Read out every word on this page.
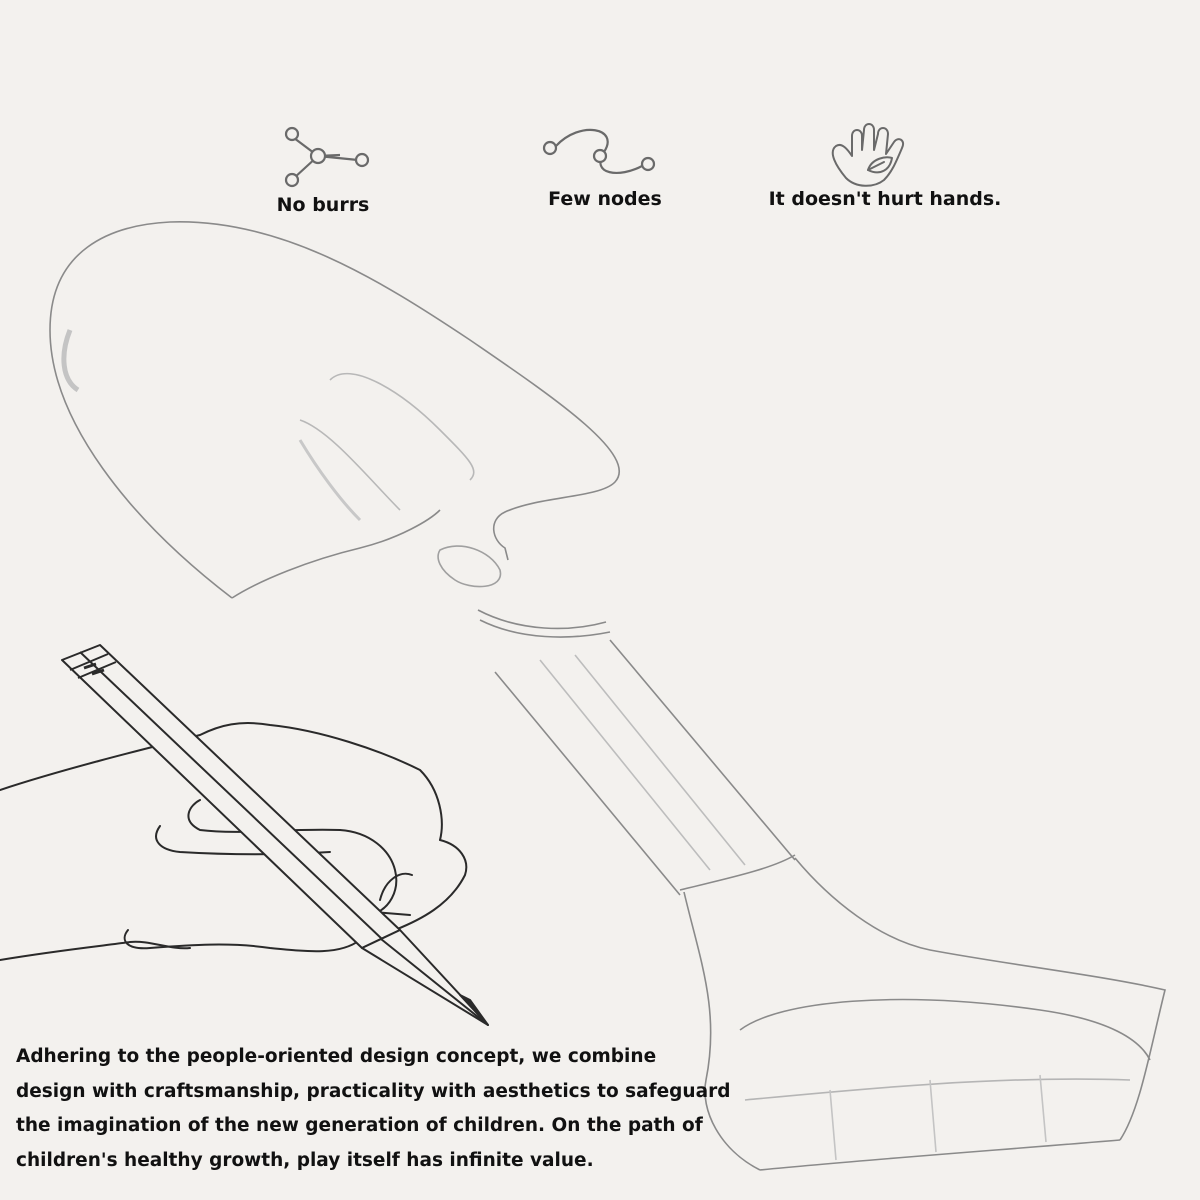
No burrs	Few nodes	It doesn't hurt hands.

Adhering to the people-oriented design concept, we combine
design with craftsmanship, practicality with aesthetics to safeguard
the imagination of the new generation of children. On the path of
children's healthy growth, play itself has infinite value.
